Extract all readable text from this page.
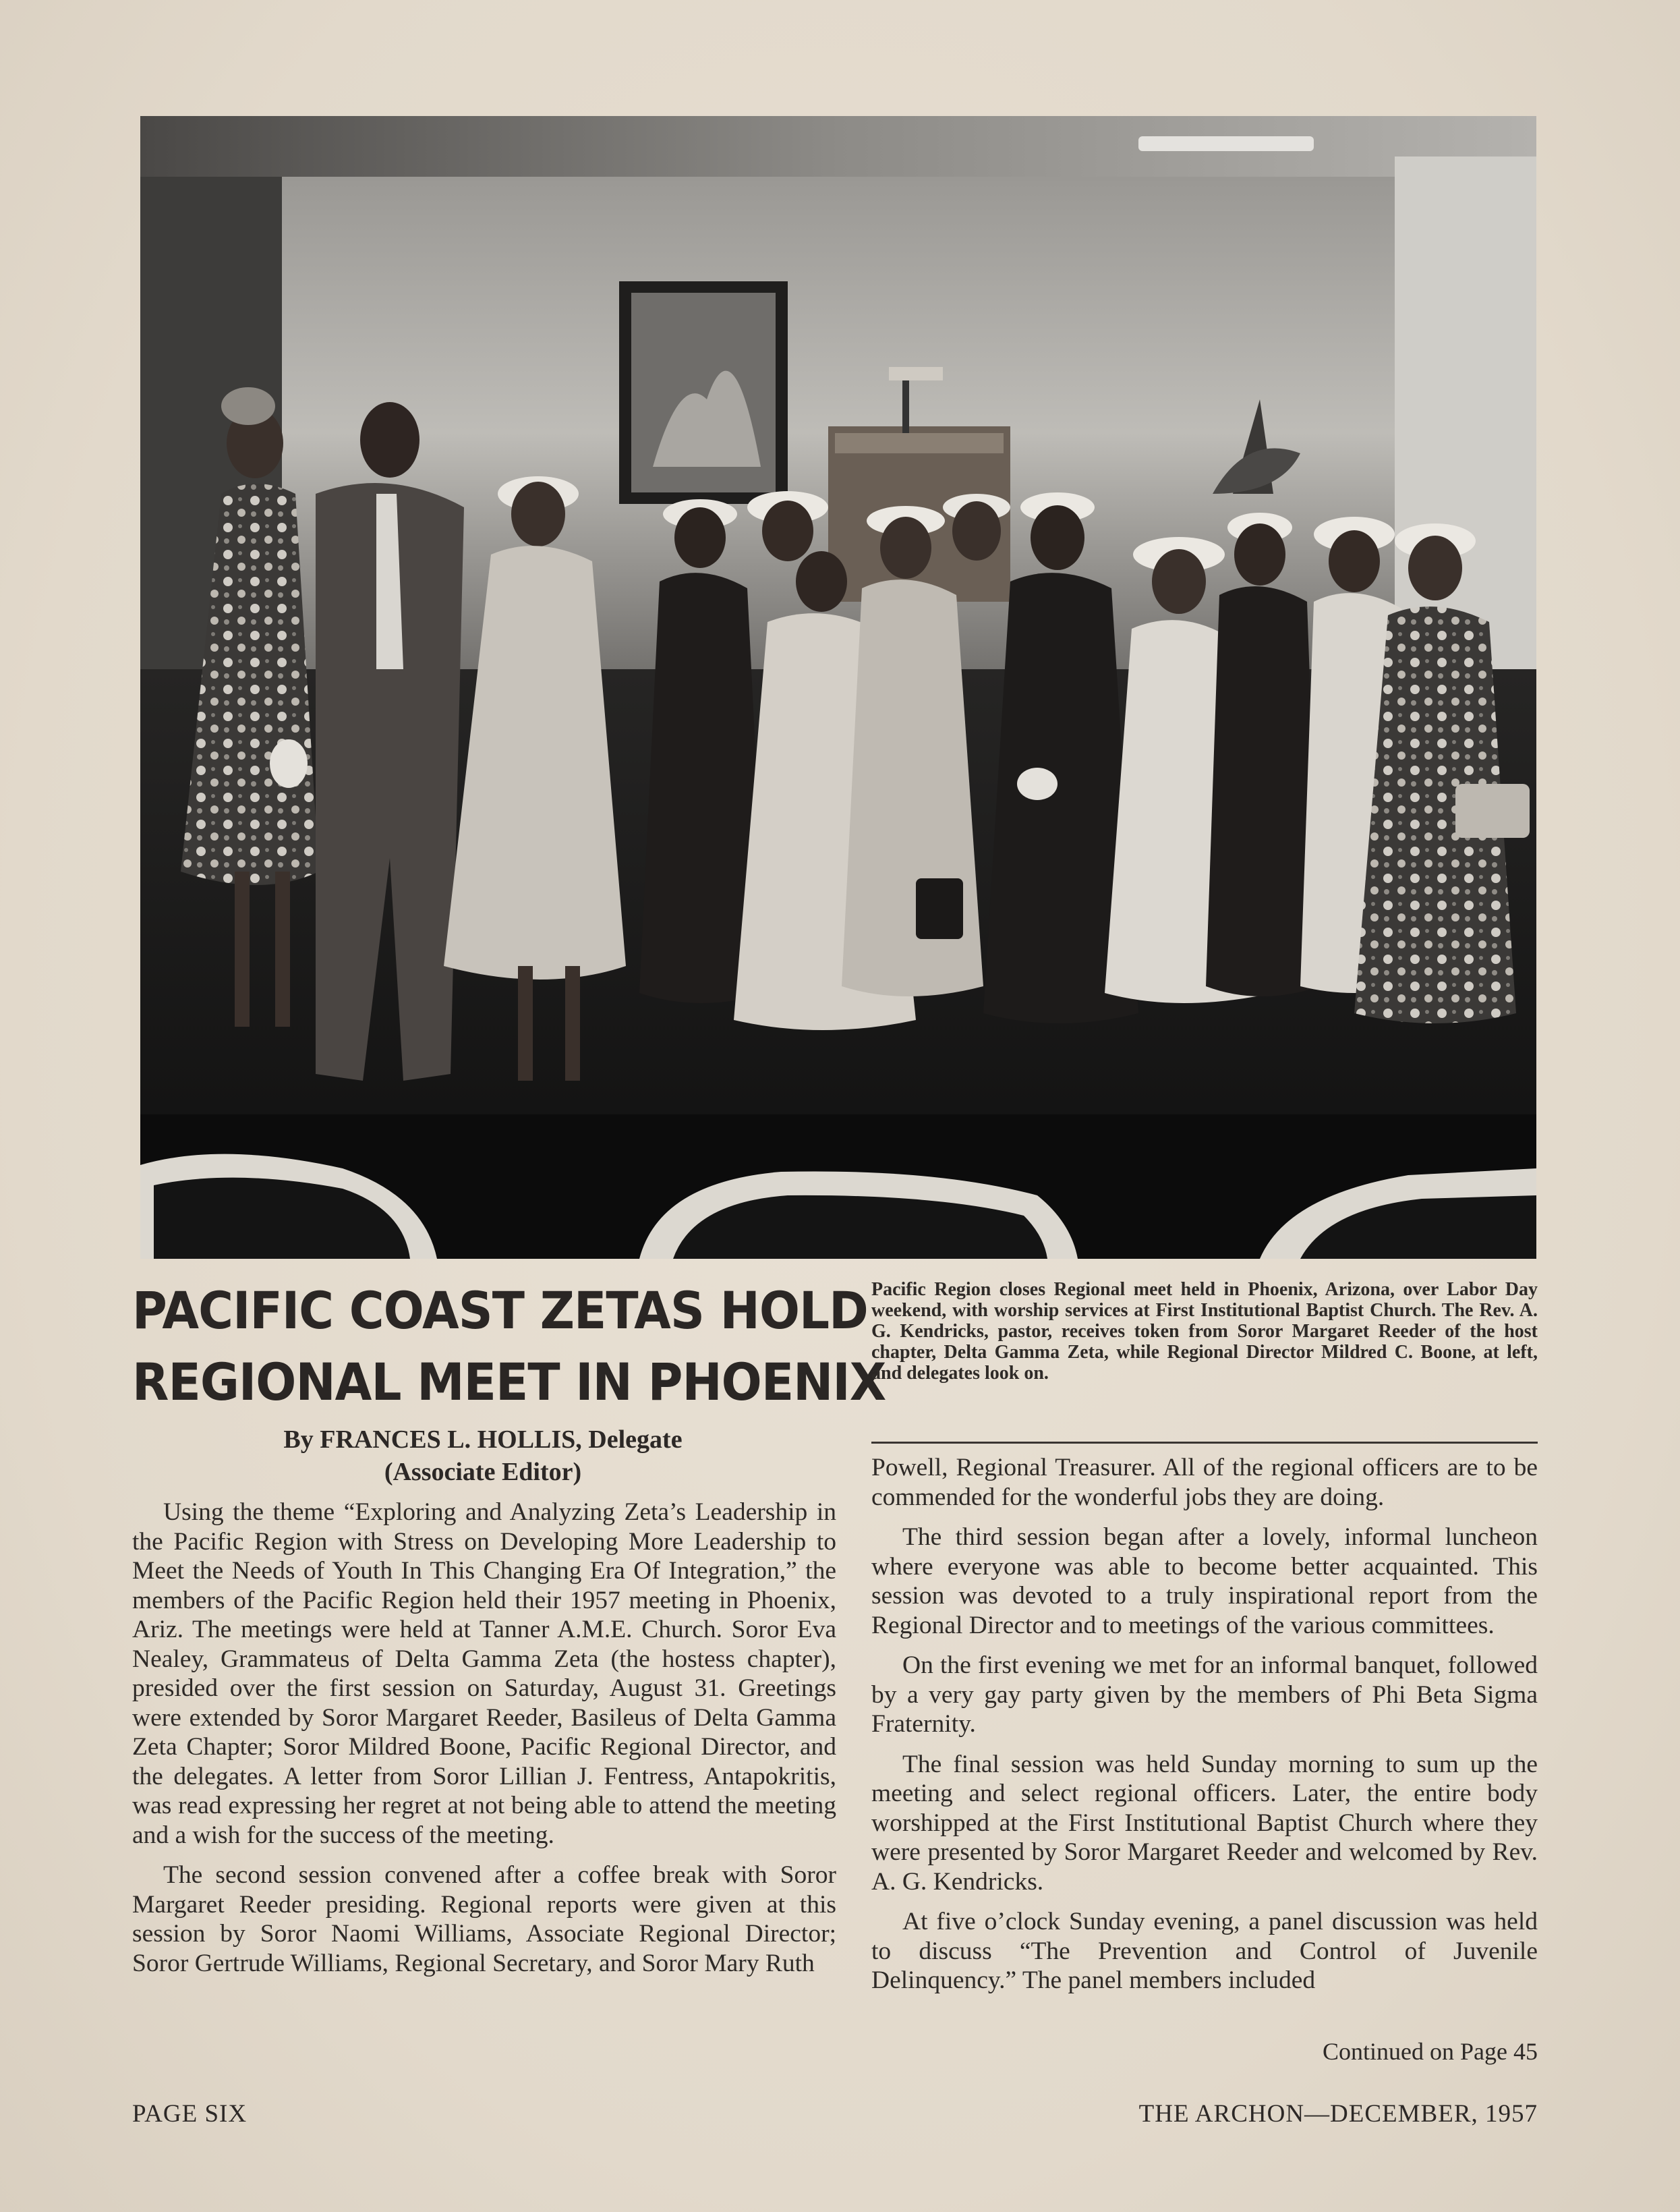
PACIFIC COAST ZETAS HOLD
REGIONAL MEET IN PHOENIX
By FRANCES L. HOLLIS, Delegate
(Associate Editor)
Pacific Region closes Regional meet held in Phoenix, Arizona, over Labor Day weekend, with worship services at First Institutional Baptist Church. The Rev. A. G. Kendricks, pastor, receives token from Soror Margaret Reeder of the host chapter, Delta Gamma Zeta, while Regional Director Mildred C. Boone, at left, and delegates look on.

Using the theme “Exploring and Analyzing Zeta’s Leadership in the Pacific Region with Stress on Developing More Leadership to Meet the Needs of Youth In This Changing Era Of Integration,” the members of the Pacific Region held their 1957 meeting in Phoenix, Ariz. The meetings were held at Tanner A.M.E. Church. Soror Eva Nealey, Grammateus of Delta Gamma Zeta (the hostess chapter), presided over the first session on Saturday, August 31. Greetings were extended by Soror Margaret Reeder, Basileus of Delta Gamma Zeta Chapter; Soror Mildred Boone, Pacific Regional Director, and the delegates. A letter from Soror Lillian J. Fentress, Antapokritis, was read expressing her regret at not being able to attend the meeting and a wish for the success of the meeting.

The second session convened after a coffee break with Soror Margaret Reeder presiding. Regional reports were given at this session by Soror Naomi Williams, Associate Regional Director; Soror Gertrude Williams, Regional Secretary, and Soror Mary Ruth

Powell, Regional Treasurer. All of the regional officers are to be commended for the wonderful jobs they are doing.

The third session began after a lovely, informal luncheon where everyone was able to become better acquainted. This session was devoted to a truly inspirational report from the Regional Director and to meetings of the various committees.

On the first evening we met for an informal banquet, followed by a very gay party given by the members of Phi Beta Sigma Fraternity.

The final session was held Sunday morning to sum up the meeting and select regional officers. Later, the entire body worshipped at the First Institutional Baptist Church where they were presented by Soror Margaret Reeder and welcomed by Rev. A. G. Kendricks.

At five o’clock Sunday evening, a panel discussion was held to discuss “The Prevention and Control of Juvenile Delinquency.” The panel members included

Continued on Page 45
PAGE SIX	THE ARCHON—DECEMBER, 1957
